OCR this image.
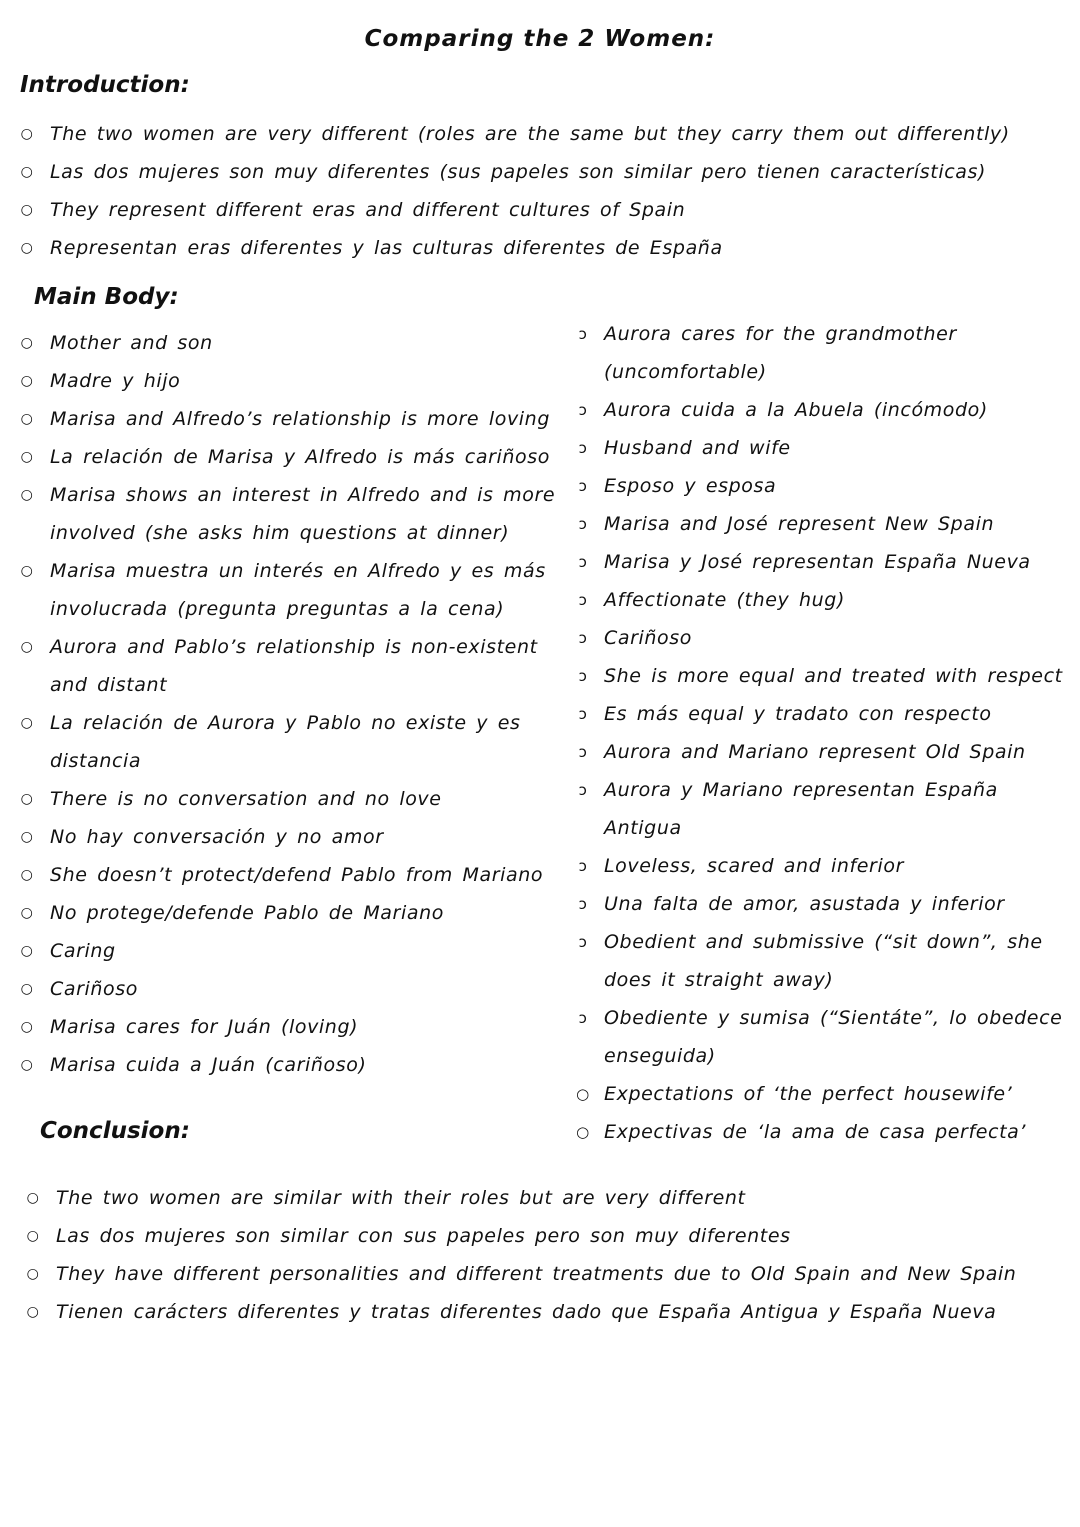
Comparing the 2 Women:
Introduction:
○ The two women are very different (roles are the same but they carry them out differently)
○ Las dos mujeres son muy diferentes (sus papeles son similar pero tienen características)
○ They represent different eras and different cultures of Spain
○ Representan eras diferentes y las culturas diferentes de España
Main Body:
○ Mother and son
○ Madre y hijo
○ Marisa and Alfredo’s relationship is more loving
○ La relación de Marisa y Alfredo is más cariñoso
○ Marisa shows an interest in Alfredo and is more involved (she asks him questions at dinner)
○ Marisa muestra un interés en Alfredo y es más involucrada (pregunta preguntas a la cena)
○ Aurora and Pablo’s relationship is non-existent and distant
○ La relación de Aurora y Pablo no existe y es distancia
○ There is no conversation and no love
○ No hay conversación y no amor
○ She doesn’t protect/defend Pablo from Mariano
○ No protege/defende Pablo de Mariano
○ Caring
○ Cariñoso
○ Marisa cares for Juán (loving)
○ Marisa cuida a Juán (cariñoso)
ↄ Aurora cares for the grandmother (uncomfortable)
ↄ Aurora cuida a la Abuela (incómodo)
ↄ Husband and wife
ↄ Esposo y esposa
ↄ Marisa and José represent New Spain
ↄ Marisa y José representan España Nueva
ↄ Affectionate (they hug)
ↄ Cariñoso
ↄ She is more equal and treated with respect
ↄ Es más equal y tradato con respecto
ↄ Aurora and Mariano represent Old Spain
ↄ Aurora y Mariano representan España Antigua
ↄ Loveless, scared and inferior
ↄ Una falta de amor, asustada y inferior
ↄ Obedient and submissive (“sit down”, she does it straight away)
ↄ Obediente y sumisa (“Sientáte”, lo obedece enseguida)
○ Expectations of ‘the perfect housewife’
○ Expectivas de ‘la ama de casa perfecta’
Conclusion:
○ The two women are similar with their roles but are very different
○ Las dos mujeres son similar con sus papeles pero son muy diferentes
○ They have different personalities and different treatments due to Old Spain and New Spain
○ Tienen carácters diferentes y tratas diferentes dado que España Antigua y España Nueva
